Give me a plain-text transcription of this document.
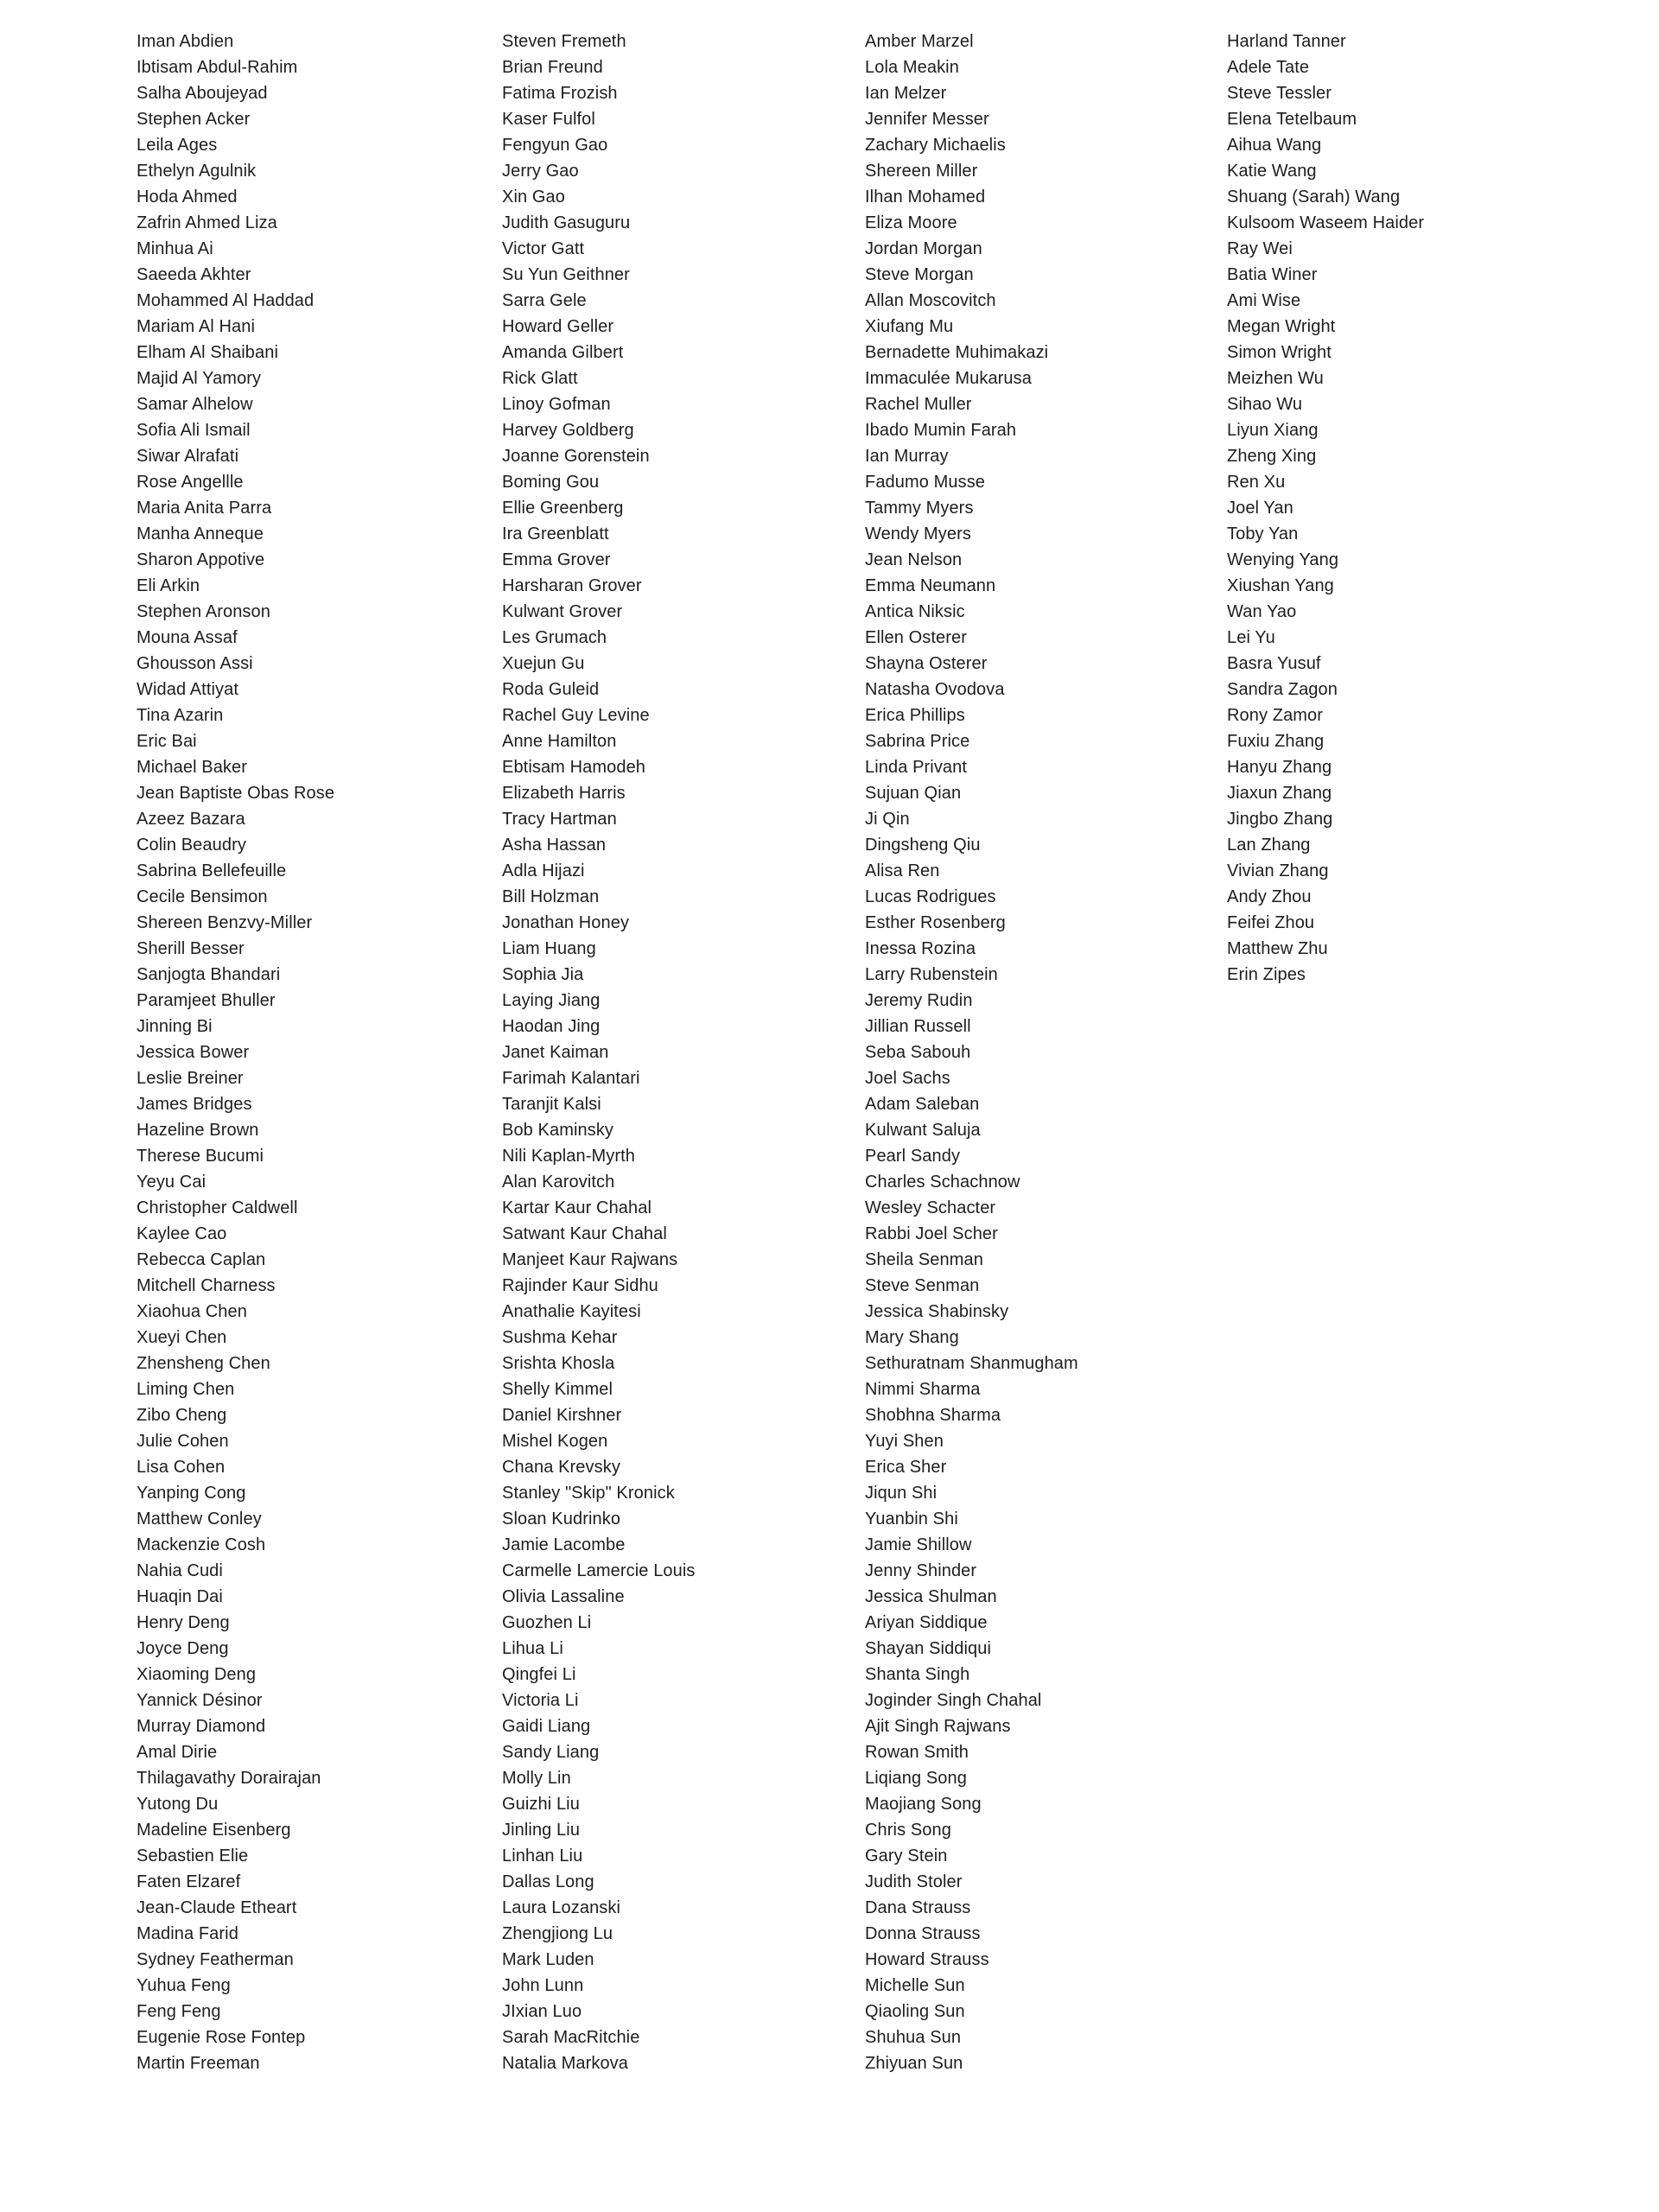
Iman Abdien
Ibtisam Abdul-Rahim
Salha Aboujeyad
Stephen Acker
Leila Ages
Ethelyn Agulnik
Hoda Ahmed
Zafrin Ahmed Liza
Minhua Ai
Saeeda Akhter
Mohammed Al Haddad
Mariam Al Hani
Elham Al Shaibani
Majid Al Yamory
Samar Alhelow
Sofia Ali Ismail
Siwar Alrafati
Rose Angellle
Maria Anita Parra
Manha Anneque
Sharon Appotive
Eli Arkin
Stephen Aronson
Mouna Assaf
Ghousson Assi
Widad Attiyat
Tina Azarin
Eric Bai
Michael Baker
Jean Baptiste Obas Rose
Azeez Bazara
Colin Beaudry
Sabrina Bellefeuille
Cecile Bensimon
Shereen Benzvy-Miller
Sherill Besser
Sanjogta Bhandari
Paramjeet Bhuller
Jinning Bi
Jessica Bower
Leslie Breiner
James Bridges
Hazeline Brown
Therese Bucumi
Yeyu Cai
Christopher Caldwell
Kaylee Cao
Rebecca Caplan
Mitchell Charness
Xiaohua Chen
Xueyi Chen
Zhensheng Chen
Liming Chen
Zibo Cheng
Julie Cohen
Lisa Cohen
Yanping Cong
Matthew Conley
Mackenzie Cosh
Nahia Cudi
Huaqin Dai
Henry Deng
Joyce Deng
Xiaoming Deng
Yannick Désinor
Murray Diamond
Amal Dirie
Thilagavathy Dorairajan
Yutong Du
Madeline Eisenberg
Sebastien Elie
Faten Elzaref
Jean-Claude Etheart
Madina Farid
Sydney Featherman
Yuhua Feng
Feng Feng
Eugenie Rose Fontep
Martin Freeman
Steven Fremeth
Brian Freund
Fatima Frozish
Kaser Fulfol
Fengyun Gao
Jerry Gao
Xin Gao
Judith Gasuguru
Victor Gatt
Su Yun Geithner
Sarra Gele
Howard Geller
Amanda Gilbert
Rick Glatt
Linoy Gofman
Harvey Goldberg
Joanne Gorenstein
Boming Gou
Ellie Greenberg
Ira Greenblatt
Emma Grover
Harsharan Grover
Kulwant Grover
Les Grumach
Xuejun Gu
Roda Guleid
Rachel Guy Levine
Anne Hamilton
Ebtisam Hamodeh
Elizabeth Harris
Tracy Hartman
Asha Hassan
Adla Hijazi
Bill Holzman
Jonathan Honey
Liam Huang
Sophia Jia
Laying Jiang
Haodan Jing
Janet Kaiman
Farimah Kalantari
Taranjit Kalsi
Bob Kaminsky
Nili Kaplan-Myrth
Alan Karovitch
Kartar Kaur Chahal
Satwant Kaur Chahal
Manjeet Kaur Rajwans
Rajinder Kaur Sidhu
Anathalie Kayitesi
Sushma Kehar
Srishta Khosla
Shelly Kimmel
Daniel Kirshner
Mishel Kogen
Chana Krevsky
Stanley "Skip" Kronick
Sloan Kudrinko
Jamie Lacombe
Carmelle Lamercie Louis
Olivia Lassaline
Guozhen Li
Lihua Li
Qingfei Li
Victoria Li
Gaidi Liang
Sandy Liang
Molly Lin
Guizhi Liu
Jinling Liu
Linhan Liu
Dallas Long
Laura Lozanski
Zhengjiong Lu
Mark Luden
John Lunn
JIxian Luo
Sarah MacRitchie
Natalia Markova
Amber Marzel
Lola Meakin
Ian Melzer
Jennifer Messer
Zachary Michaelis
Shereen Miller
Ilhan Mohamed
Eliza Moore
Jordan Morgan
Steve Morgan
Allan Moscovitch
Xiufang Mu
Bernadette Muhimakazi
Immaculée Mukarusa
Rachel Muller
Ibado Mumin Farah
Ian Murray
Fadumo Musse
Tammy Myers
Wendy Myers
Jean Nelson
Emma Neumann
Antica Niksic
Ellen Osterer
Shayna Osterer
Natasha Ovodova
Erica Phillips
Sabrina Price
Linda Privant
Sujuan Qian
Ji Qin
Dingsheng Qiu
Alisa Ren
Lucas Rodrigues
Esther Rosenberg
Inessa Rozina
Larry Rubenstein
Jeremy Rudin
Jillian Russell
Seba Sabouh
Joel Sachs
Adam Saleban
Kulwant Saluja
Pearl Sandy
Charles Schachnow
Wesley Schacter
Rabbi Joel Scher
Sheila Senman
Steve Senman
Jessica Shabinsky
Mary Shang
Sethuratnam Shanmugham
Nimmi Sharma
Shobhna Sharma
Yuyi Shen
Erica Sher
Jiqun Shi
Yuanbin Shi
Jamie Shillow
Jenny Shinder
Jessica Shulman
Ariyan Siddique
Shayan Siddiqui
Shanta Singh
Joginder Singh Chahal
Ajit Singh Rajwans
Rowan Smith
Liqiang Song
Maojiang Song
Chris Song
Gary Stein
Judith Stoler
Dana Strauss
Donna Strauss
Howard Strauss
Michelle Sun
Qiaoling Sun
Shuhua Sun
Zhiyuan Sun
Harland Tanner
Adele Tate
Steve Tessler
Elena Tetelbaum
Aihua Wang
Katie Wang
Shuang (Sarah) Wang
Kulsoom Waseem Haider
Ray Wei
Batia Winer
Ami Wise
Megan Wright
Simon Wright
Meizhen Wu
Sihao Wu
Liyun Xiang
Zheng Xing
Ren Xu
Joel Yan
Toby Yan
Wenying Yang
Xiushan Yang
Wan Yao
Lei Yu
Basra Yusuf
Sandra Zagon
Rony Zamor
Fuxiu Zhang
Hanyu Zhang
Jiaxun Zhang
Jingbo Zhang
Lan Zhang
Vivian Zhang
Andy Zhou
Feifei Zhou
Matthew Zhu
Erin Zipes
